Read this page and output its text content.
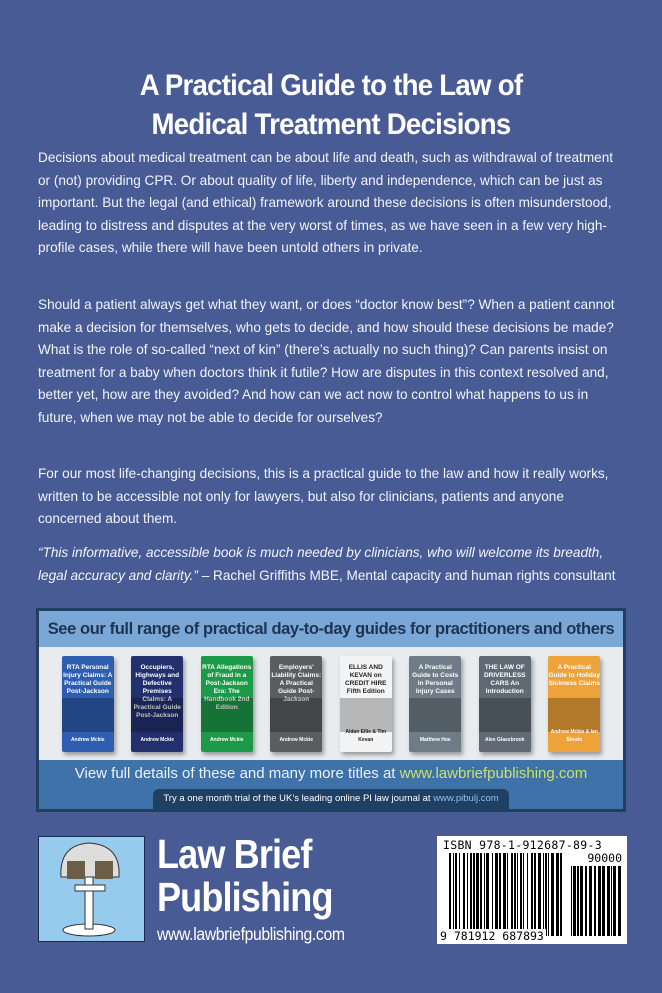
A Practical Guide to the Law of
Medical Treatment Decisions

Decisions about medical treatment can be about life and death, such as withdrawal of treatment or (not) providing CPR. Or about quality of life, liberty and independence, which can be just as important. But the legal (and ethical) framework around these decisions is often misunderstood, leading to distress and disputes at the very worst of times, as we have seen in a few very high-profile cases, while there will have been untold others in private.

Should a patient always get what they want, or does “doctor know best”? When a patient cannot make a decision for themselves, who gets to decide, and how should these decisions be made? What is the role of so-called “next of kin” (there’s actually no such thing)? Can parents insist on treatment for a baby when doctors think it futile? How are disputes in this context resolved and, better yet, how are they avoided? And how can we act now to control what happens to us in future, when we may not be able to decide for ourselves?

For our most life-changing decisions, this is a practical guide to the law and how it really works, written to be accessible not only for lawyers, but also for clinicians, patients and anyone concerned about them.

“This informative, accessible book is much needed by clinicians, who will welcome its breadth, legal accuracy and clarity.” – Rachel Griffiths MBE, Mental capacity and human rights consultant

See our full range of practical day-to-day guides for practitioners and others
RTA Personal Injury Claims: A Practical Guide Post-Jackson
Andrew Mckie
Occupiers, Highways and Defective Premises Claims: A Practical Guide Post-Jackson
Andrew Mckie
RTA Allegations of Fraud in a Post-Jackson Era: The Handbook 2nd Edition
Andrew Mckie
Employers' Liability Claims: A Practical Guide Post-Jackson
Andrew Mckie
ELLIS AND KEVAN on CREDIT HIRE Fifth Edition
Aidan Ellis & Tim Kevan
A Practical Guide to Costs in Personal Injury Cases
Matthew Hoe
THE LAW OF DRIVERLESS CARS An Introduction
Alex Glassbrook
A Practical Guide to Holiday Sickness Claims
Andrew Mckie & Ian Skeate
View full details of these and many more titles at www.lawbriefpublishing.com
Try a one month trial of the UK’s leading online PI law journal at www.pibulj.com
Law Brief
Publishing
www.lawbriefpublishing.com
ISBN 978-1-912687-89-3
90000
9 781912 687893
